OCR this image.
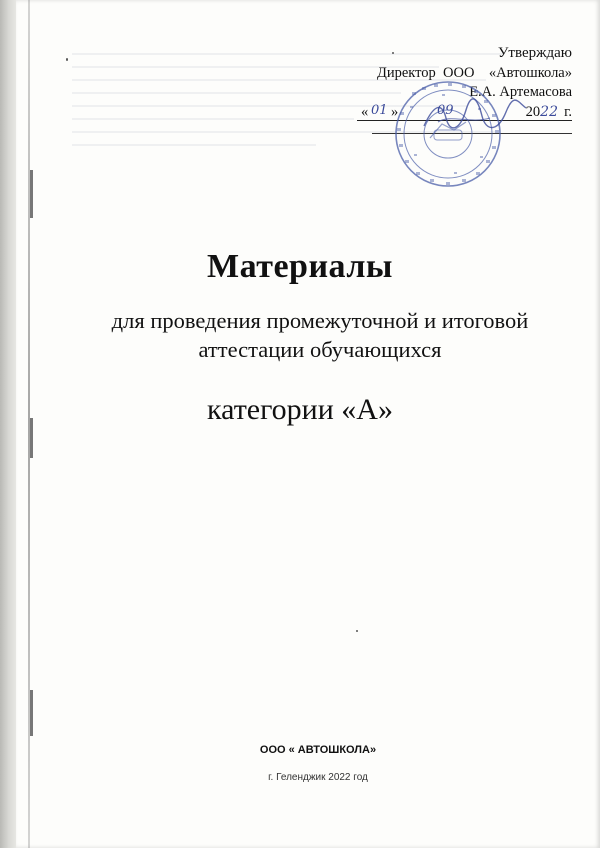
Утверждаю
Директор  ООО    «Автошкола»
Е.А. Артемасова
« 01 »	09	2022 г.
Материалы
для проведения промежуточной и итоговой
аттестации обучающихся
категории «А»
ООО « АВТОШКОЛА»
г. Геленджик 2022 год
